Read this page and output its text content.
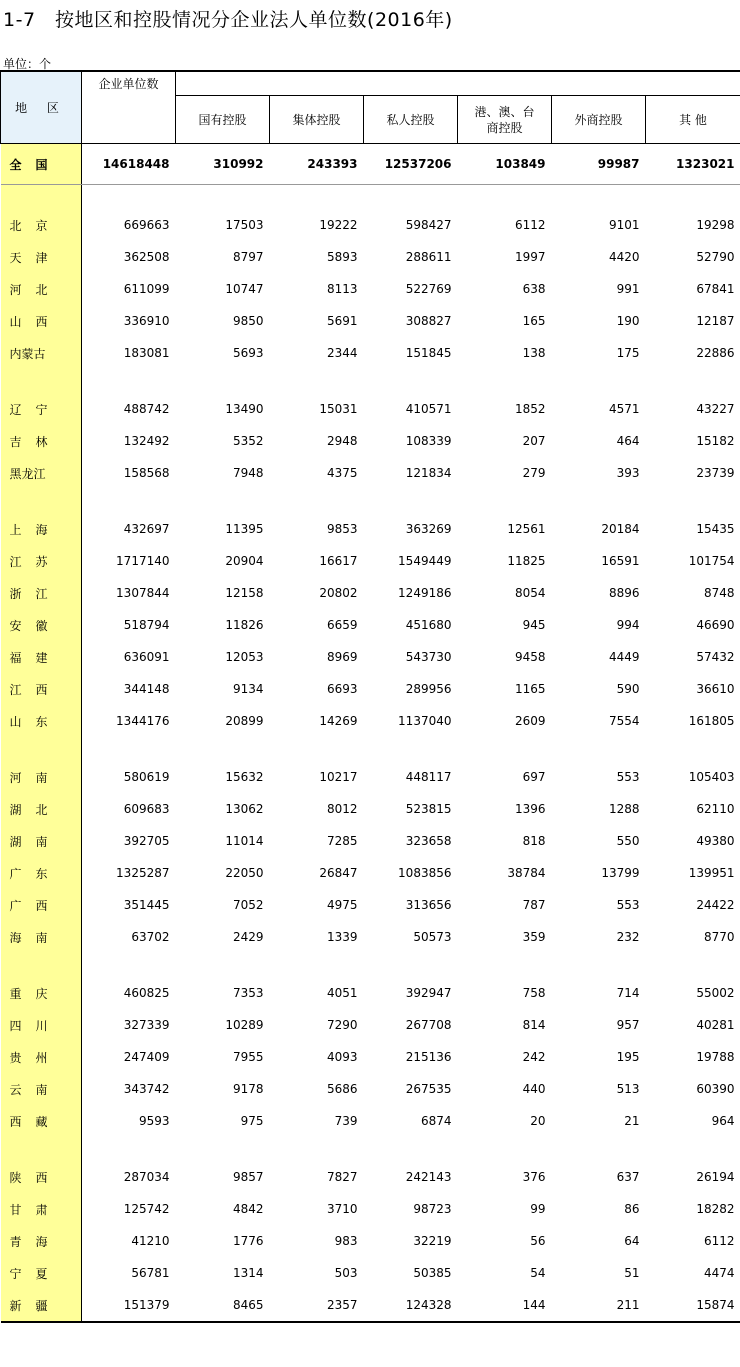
1-7　按地区和控股情况分企业法人单位数(2016年)
单位：个
地 区	企业单位数						
		国有控股	集体控股	私人控股	港、澳、台商控股	外商控股	其 他
全国	14618448	310992	243393	12537206	103849	99987	1323021

北京	669663	17503	19222	598427	6112	9101	19298
天津	362508	8797	5893	288611	1997	4420	52790
河北	611099	10747	8113	522769	638	991	67841
山西	336910	9850	5691	308827	165	190	12187
内蒙古	183081	5693	2344	151845	138	175	22886

辽宁	488742	13490	15031	410571	1852	4571	43227
吉林	132492	5352	2948	108339	207	464	15182
黑龙江	158568	7948	4375	121834	279	393	23739

上海	432697	11395	9853	363269	12561	20184	15435
江苏	1717140	20904	16617	1549449	11825	16591	101754
浙江	1307844	12158	20802	1249186	8054	8896	8748
安徽	518794	11826	6659	451680	945	994	46690
福建	636091	12053	8969	543730	9458	4449	57432
江西	344148	9134	6693	289956	1165	590	36610
山东	1344176	20899	14269	1137040	2609	7554	161805

河南	580619	15632	10217	448117	697	553	105403
湖北	609683	13062	8012	523815	1396	1288	62110
湖南	392705	11014	7285	323658	818	550	49380
广东	1325287	22050	26847	1083856	38784	13799	139951
广西	351445	7052	4975	313656	787	553	24422
海南	63702	2429	1339	50573	359	232	8770

重庆	460825	7353	4051	392947	758	714	55002
四川	327339	10289	7290	267708	814	957	40281
贵州	247409	7955	4093	215136	242	195	19788
云南	343742	9178	5686	267535	440	513	60390
西藏	9593	975	739	6874	20	21	964

陕西	287034	9857	7827	242143	376	637	26194
甘肃	125742	4842	3710	98723	99	86	18282
青海	41210	1776	983	32219	56	64	6112
宁夏	56781	1314	503	50385	54	51	4474
新疆	151379	8465	2357	124328	144	211	15874
